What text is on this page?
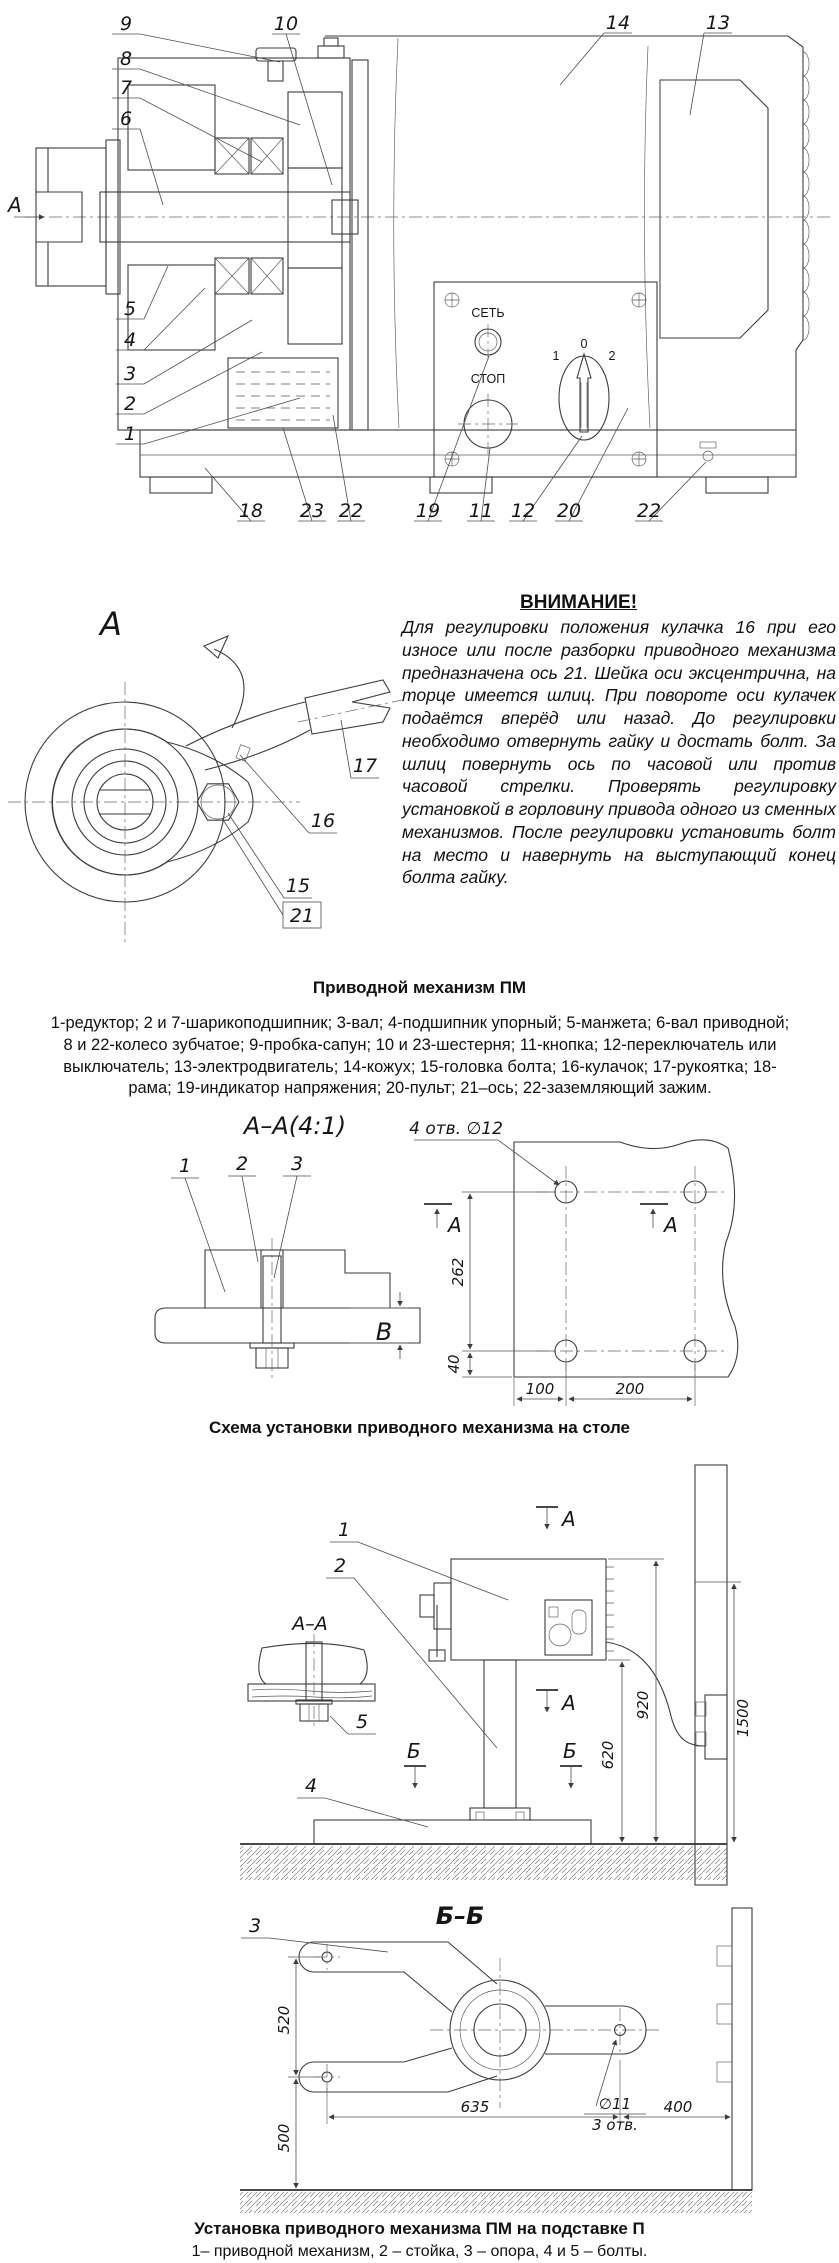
СЕТЬ
СТОП
1
0
2
9
8
7
6
10	14	13
5
4
3
2
1
18 23 22	19 11 12 20	22
А
А
17
16
15
21
ВНИМАНИЕ!

Для регулировки положения кулачка 16 при его износе или после разборки приводного механизма предназначена ось 21. Шейка оси эксцентрична, на торце имеется шлиц. При повороте оси кулачек подаётся вперёд или назад. До регулировки необходимо отвернуть гайку и достать болт. За шлиц повернуть ось по часовой или против часовой стрелки. Проверять регулировку установкой в горловину привода одного из сменных механизмов. После регулировки установить болт на место и навернуть на выступающий конец болта гайку.

Приводной механизм ПМ
1-редуктор; 2 и 7-шарикоподшипник; 3-вал; 4-подшипник упорный; 5-манжета; 6-вал приводной; 8 и 22-колесо зубчатое; 9-пробка-сапун; 10 и 23-шестерня; 11-кнопка; 12-переключатель или выключатель; 13-электродвигатель; 14-кожух; 15-головка болта; 16-кулачок; 17-рукоятка; 18-рама; 19-индикатор напряжения; 20-пульт; 21–ось; 22-заземляющий зажим.
А–А(4:1)
В
1 2 3
4 отв. ∅12
262
40
100	200
А	А
Схема установки приводного механизма на столе
920
620
1500
А
А
Б	Б
А–А
1
2
4
5
Б–Б
520
500
635	400
∅11
3 отв.
3
Установка приводного механизма ПМ на подставке П
1– приводной механизм, 2 – стойка, 3 – опора, 4 и 5 – болты.
